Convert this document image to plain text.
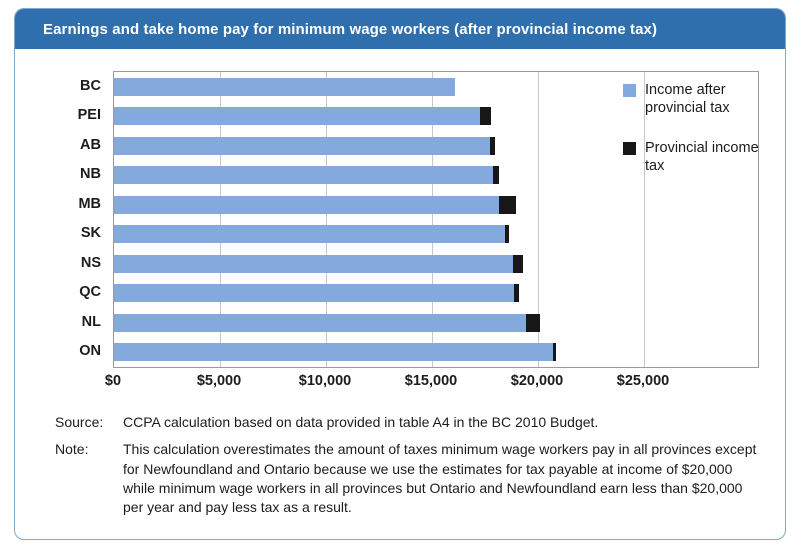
Earnings and take home pay for minimum wage workers (after provincial income tax)
BC
PEI
AB
NB
MB
SK
NS
QC
NL
ON
$0	$5,000	$10,000	$15,000	$20,000	$25,000
Income after provincial tax
Provincial income tax
Source:	CCPA calculation based on data provided in table A4 in the BC 2010 Budget.
Note:	This calculation overestimates the amount of taxes minimum wage workers pay in all provinces except for Newfoundland and Ontario because we use the estimates for tax payable at income of $20,000 while minimum wage workers in all provinces but Ontario and Newfoundland earn less than $20,000 per year and pay less tax as a result.
